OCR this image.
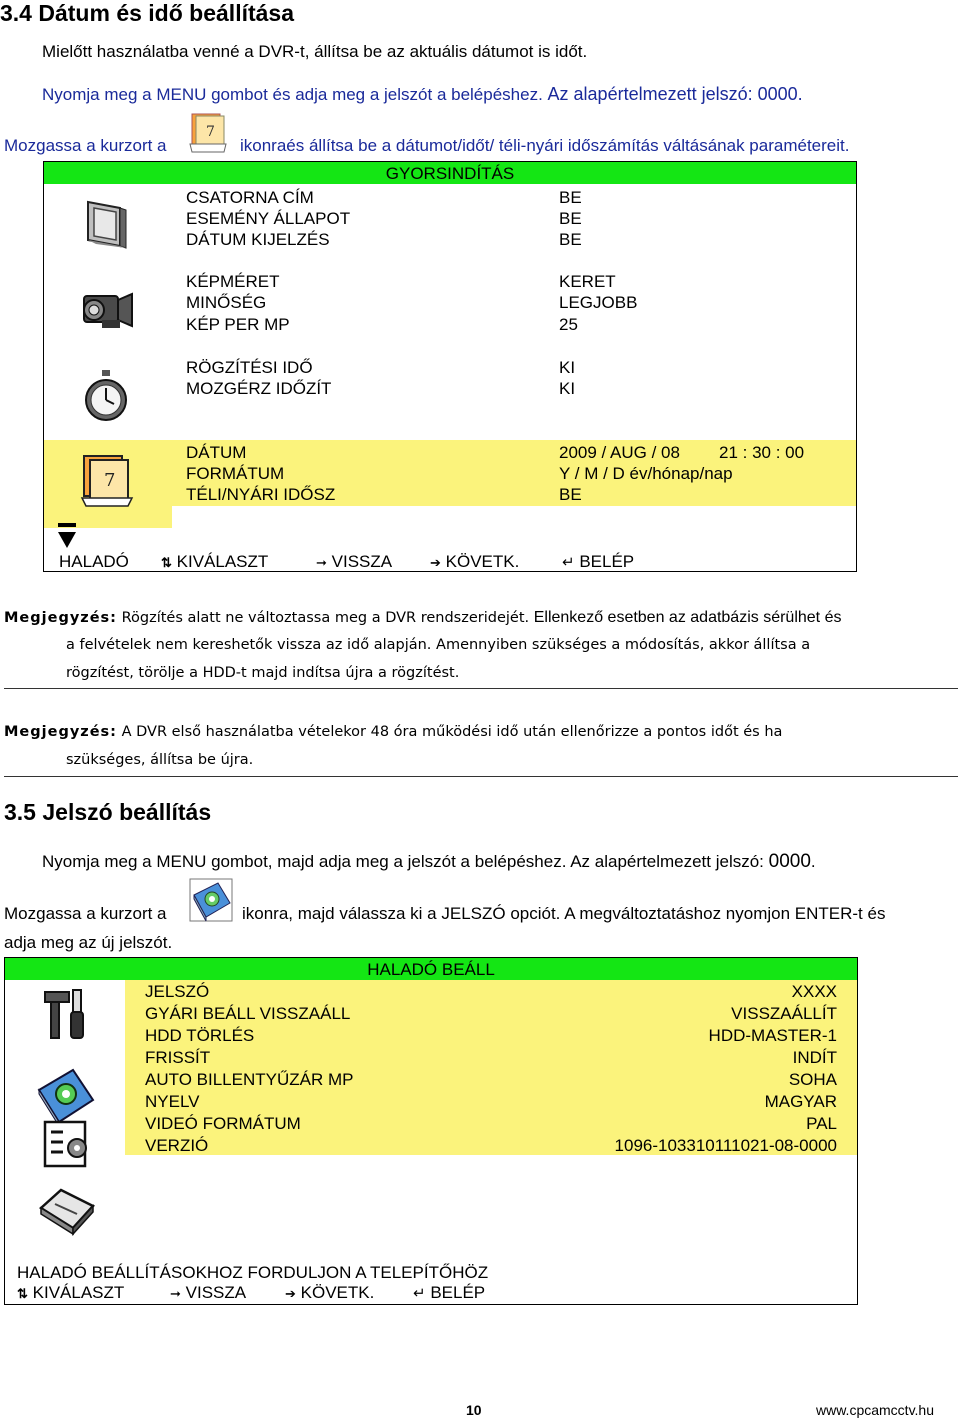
3.4 Dátum és idő beállítása
Mielőtt használatba venné a DVR-t, állítsa be az aktuális dátumot is időt.
Nyomja meg a MENU gombot és adja meg a jelszót a belépéshez. Az alapértelmezett jelszó: 0000.
Mozgassa a kurzort a
7
ikonraés állítsa be a dátumot/időt/ téli-nyári időszámítás váltásának paramétereit.
GYORSINDÍTÁS
CSATORNA CÍM	BE
ESEMÉNY ÁLLAPOT	BE
DÁTUM KIJELZÉS	BE
KÉPMÉRET	KERET
MINŐSÉG	LEGJOBB
KÉP PER MP	25
RÖGZÍTÉSI IDŐ	KI
MOZGÉRZ IDŐZÍT	KI
7
DÁTUM	2009 / AUG / 08 21 : 30 : 00
FORMÁTUM	Y / M / D év/hónap/nap
TÉLI/NYÁRI IDŐSZ	BE
HALADÓ ⇅ KIVÁLASZT	➞ VISSZA	➔ KÖVETK.	↵ BELÉP
Megjegyzés: Rögzítés alatt ne változtassa meg a DVR rendszeridejét. Ellenkező esetben az adatbázis sérülhet és
a felvételek nem kereshetők vissza az idő alapján. Amennyiben szükséges a módosítás, akkor állítsa a
rögzítést, törölje a HDD-t majd indítsa újra a rögzítést.
Megjegyzés: A DVR első használatba vételekor 48 óra működési idő után ellenőrizze a pontos időt és ha
szükséges, állítsa be újra.
3.5 Jelszó beállítás
Nyomja meg a MENU gombot, majd adja meg a jelszót a belépéshez. Az alapértelmezett jelszó: 0000.
Mozgassa a kurzort a	ikonra, majd válassza ki a JELSZÓ opciót. A megváltoztatáshoz nyomjon ENTER-t és
adja meg az új jelszót.
HALADÓ BEÁLL
JELSZÓ	XXXX
GYÁRI BEÁLL VISSZAÁLL	VISSZAÁLLÍT
HDD TÖRLÉS	HDD-MASTER-1
FRISSÍT	INDÍT
AUTO BILLENTYŰZÁR MP	SOHA
NYELV	MAGYAR
VIDEÓ FORMÁTUM	PAL
VERZIÓ	1096-103310111021-08-0000
HALADÓ BEÁLLÍTÁSOKHOZ FORDULJON A TELEPÍTŐHÖZ
⇅ KIVÁLASZT	➞ VISSZA	➔ KÖVETK.	↵ BELÉP
10	www.cpcamcctv.hu
